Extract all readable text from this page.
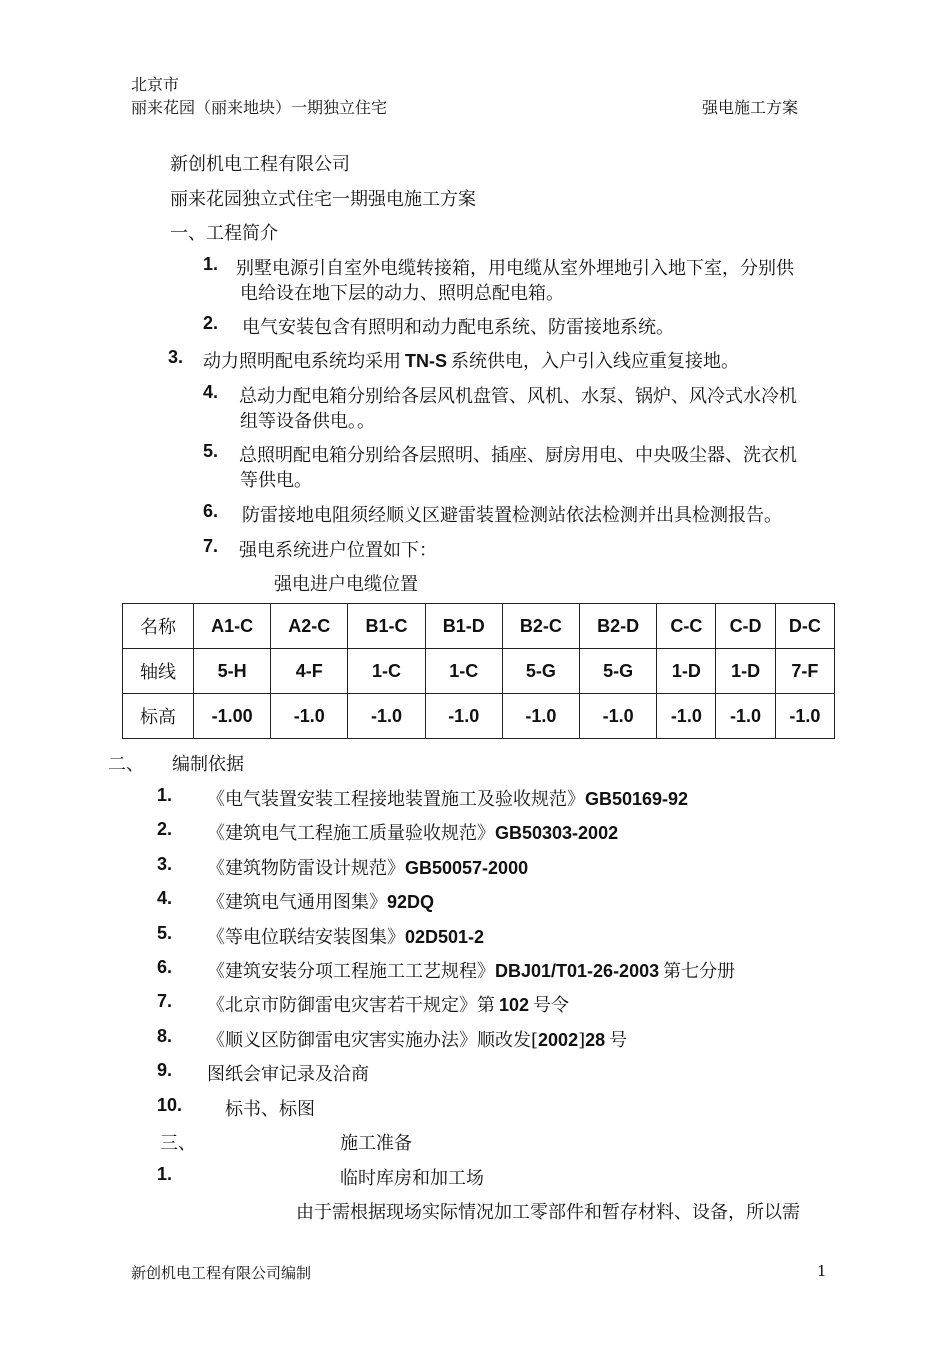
北京市
丽来花园（丽来地块）一期独立住宅	强电施工方案
新创机电工程有限公司
丽来花园独立式住宅一期强电施工方案
一、工程简介
1. 别墅电源引自室外电缆转接箱，用电缆从室外埋地引入地下室，分别供
电给设在地下层的动力、照明总配电箱。
2. 电气安装包含有照明和动力配电系统、防雷接地系统。
3. 动力照明配电系统均采用 TN-S 系统供电，入户引入线应重复接地。
4. 总动力配电箱分别给各层风机盘管、风机、水泵、锅炉、风冷式水冷机
组等设备供电。。
5. 总照明配电箱分别给各层照明、插座、厨房用电、中央吸尘器、洗衣机
等供电。
6. 防雷接地电阻须经顺义区避雷装置检测站依法检测并出具检测报告。
7. 强电系统进户位置如下：
强电进户电缆位置
名称	A1-C	A2-C	B1-C	B1-D	B2-C	B2-D	C-C	C-D	D-C
轴线	5-H	4-F	1-C	1-C	5-G	5-G	1-D	1-D	7-F
标高	-1.00	-1.0	-1.0	-1.0	-1.0	-1.0	-1.0	-1.0	-1.0
二、 编制依据
1. 《电气装置安装工程接地装置施工及验收规范》GB50169-92
2. 《建筑电气工程施工质量验收规范》GB50303-2002
3. 《建筑物防雷设计规范》GB50057-2000
4. 《建筑电气通用图集》92DQ
5. 《等电位联结安装图集》02D501-2
6. 《建筑安装分项工程施工工艺规程》DBJ01/T01-26-2003 第七分册
7. 《北京市防御雷电灾害若干规定》第 102 号令
8. 《顺义区防御雷电灾害实施办法》顺改发[2002]28 号
9. 图纸会审记录及洽商
10. 标书、标图
三、	施工准备
1.	临时库房和加工场
由于需根据现场实际情况加工零部件和暂存材料、设备，所以需
新创机电工程有限公司编制	1
